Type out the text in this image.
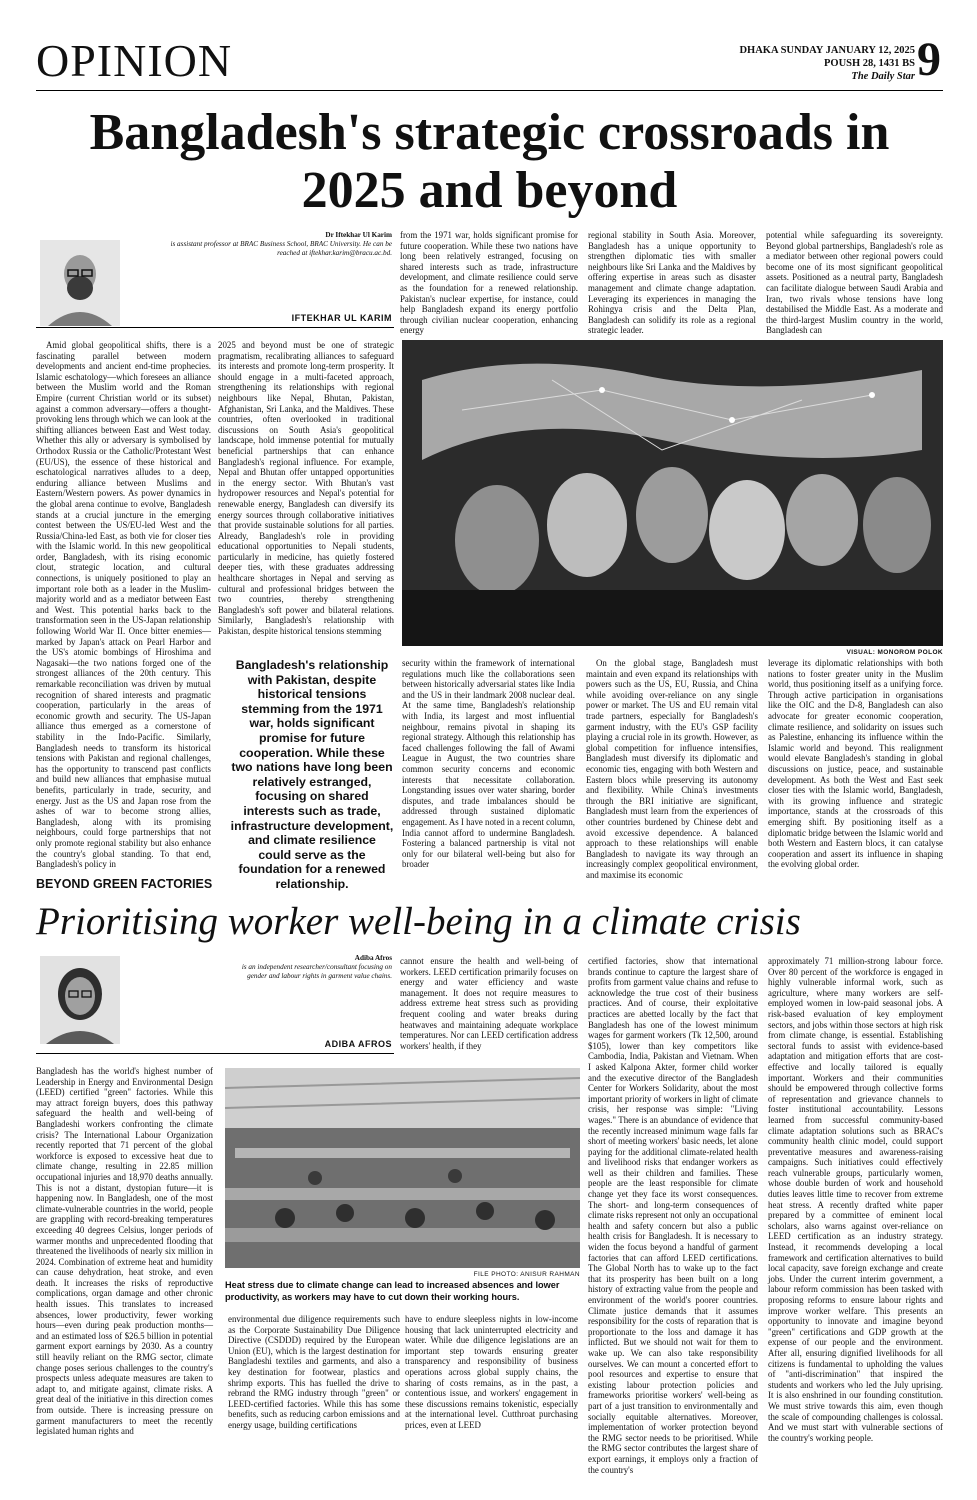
OPINION	DHAKA SUNDAY JANUARY 12, 2025
POUSH 28, 1431 BS
The Daily Star 9
Bangladesh's strategic crossroads in 2025 and beyond
Dr Iftekhar Ul Karim
is assistant professor at BRAC Business School, BRAC University. He can be reached at iftekhar.karim@bracu.ac.bd.
IFTEKHAR UL KARIM

from the 1971 war, holds significant promise for future cooperation. While these two nations have long been relatively estranged, focusing on shared interests such as trade, infrastructure development, and climate resilience could serve as the foundation for a renewed relationship. Pakistan's nuclear expertise, for instance, could help Bangladesh expand its energy portfolio through civilian nuclear cooperation, enhancing energy

regional stability in South Asia. Moreover, Bangladesh has a unique opportunity to strengthen diplomatic ties with smaller neighbours like Sri Lanka and the Maldives by offering expertise in areas such as disaster management and climate change adaptation. Leveraging its experiences in managing the Rohingya crisis and the Delta Plan, Bangladesh can solidify its role as a regional strategic leader.

potential while safeguarding its sovereignty. Beyond global partnerships, Bangladesh's role as a mediator between other regional powers could become one of its most significant geopolitical assets. Positioned as a neutral party, Bangladesh can facilitate dialogue between Saudi Arabia and Iran, two rivals whose tensions have long destabilised the Middle East. As a moderate and the third-largest Muslim country in the world, Bangladesh can

Amid global geopolitical shifts, there is a fascinating parallel between modern developments and ancient end-time prophecies. Islamic eschatology—which foresees an alliance between the Muslim world and the Roman Empire (current Christian world or its subset) against a common adversary—offers a thought-provoking lens through which we can look at the shifting alliances between East and West today. Whether this ally or adversary is symbolised by Orthodox Russia or the Catholic/Protestant West (EU/US), the essence of these historical and eschatological narratives alludes to a deep, enduring alliance between Muslims and Eastern/Western powers. As power dynamics in the global arena continue to evolve, Bangladesh stands at a crucial juncture in the emerging contest between the US/EU-led West and the Russia/China-led East, as both vie for closer ties with the Islamic world. In this new geopolitical order, Bangladesh, with its rising economic clout, strategic location, and cultural connections, is uniquely positioned to play an important role both as a leader in the Muslim-majority world and as a mediator between East and West. This potential harks back to the transformation seen in the US-Japan relationship following World War II. Once bitter enemies—marked by Japan's attack on Pearl Harbor and the US's atomic bombings of Hiroshima and Nagasaki—the two nations forged one of the strongest alliances of the 20th century. This remarkable reconciliation was driven by mutual recognition of shared interests and pragmatic cooperation, particularly in the areas of economic growth and security. The US-Japan alliance thus emerged as a cornerstone of stability in the Indo-Pacific. Similarly, Bangladesh needs to transform its historical tensions with Pakistan and regional challenges, has the opportunity to transcend past conflicts and build new alliances that emphasise mutual benefits, particularly in trade, security, and energy. Just as the US and Japan rose from the ashes of war to become strong allies, Bangladesh, along with its promising neighbours, could forge partnerships that not only promote regional stability but also enhance the country's global standing. To that end, Bangladesh's policy in

2025 and beyond must be one of strategic pragmatism, recalibrating alliances to safeguard its interests and promote long-term prosperity. It should engage in a multi-faceted approach, strengthening its relationships with regional neighbours like Nepal, Bhutan, Pakistan, Afghanistan, Sri Lanka, and the Maldives. These countries, often overlooked in traditional discussions on South Asia's geopolitical landscape, hold immense potential for mutually beneficial partnerships that can enhance Bangladesh's regional influence. For example, Nepal and Bhutan offer untapped opportunities in the energy sector. With Bhutan's vast hydropower resources and Nepal's potential for renewable energy, Bangladesh can diversify its energy sources through collaborative initiatives that provide sustainable solutions for all parties. Already, Bangladesh's role in providing educational opportunities to Nepali students, particularly in medicine, has quietly fostered deeper ties, with these graduates addressing healthcare shortages in Nepal and serving as cultural and professional bridges between the two countries, thereby strengthening Bangladesh's soft power and bilateral relations. Similarly, Bangladesh's relationship with Pakistan, despite historical tensions stemming

VISUAL: MONOROM POLOK
Bangladesh's relationship with Pakistan, despite historical tensions stemming from the 1971 war, holds significant promise for future cooperation. While these two nations have long been relatively estranged, focusing on shared interests such as trade, infrastructure development, and climate resilience could serve as the foundation for a renewed relationship.

security within the framework of international regulations much like the collaborations seen between historically adversarial states like India and the US in their landmark 2008 nuclear deal. At the same time, Bangladesh's relationship with India, its largest and most influential neighbour, remains pivotal in shaping its regional strategy. Although this relationship has faced challenges following the fall of Awami League in August, the two countries share common security concerns and economic interests that necessitate collaboration. Longstanding issues over water sharing, border disputes, and trade imbalances should be addressed through sustained diplomatic engagement. As I have noted in a recent column, India cannot afford to undermine Bangladesh. Fostering a balanced partnership is vital not only for our bilateral well-being but also for broader

On the global stage, Bangladesh must maintain and even expand its relationships with powers such as the US, EU, Russia, and China while avoiding over-reliance on any single power or market. The US and EU remain vital trade partners, especially for Bangladesh's garment industry, with the EU's GSP facility playing a crucial role in its growth. However, as global competition for influence intensifies, Bangladesh must diversify its diplomatic and economic ties, engaging with both Western and Eastern blocs while preserving its autonomy and flexibility. While China's investments through the BRI initiative are significant, Bangladesh must learn from the experiences of other countries burdened by Chinese debt and avoid excessive dependence. A balanced approach to these relationships will enable Bangladesh to navigate its way through an increasingly complex geopolitical environment, and maximise its economic

leverage its diplomatic relationships with both nations to foster greater unity in the Muslim world, thus positioning itself as a unifying force. Through active participation in organisations like the OIC and the D-8, Bangladesh can also advocate for greater economic cooperation, climate resilience, and solidarity on issues such as Palestine, enhancing its influence within the Islamic world and beyond. This realignment would elevate Bangladesh's standing in global discussions on justice, peace, and sustainable development. As both the West and East seek closer ties with the Islamic world, Bangladesh, with its growing influence and strategic importance, stands at the crossroads of this emerging shift. By positioning itself as a diplomatic bridge between the Islamic world and both Western and Eastern blocs, it can catalyse cooperation and assert its influence in shaping the evolving global order.

BEYOND GREEN FACTORIES
Prioritising worker well-being in a climate crisis
Adiba Afros
is an independent researcher/consultant focusing on gender and labour rights in garment value chains.
ADIBA AFROS

cannot ensure the health and well-being of workers. LEED certification primarily focuses on energy and water efficiency and waste management. It does not require measures to address extreme heat stress such as providing frequent cooling and water breaks during heatwaves and maintaining adequate workplace temperatures. Nor can LEED certification address workers' health, if they

certified factories, show that international brands continue to capture the largest share of profits from garment value chains and refuse to acknowledge the true cost of their business practices. And of course, their exploitative practices are abetted locally by the fact that Bangladesh has one of the lowest minimum wages for garment workers (Tk 12,500, around $105), lower than key competitors like Cambodia, India, Pakistan and Vietnam. When I asked Kalpona Akter, former child worker and the executive director of the Bangladesh Center for Workers Solidarity, about the most important priority of workers in light of climate crisis, her response was simple: "Living wages." There is an abundance of evidence that the recently increased minimum wage falls far short of meeting workers' basic needs, let alone paying for the additional climate-related health and livelihood risks that endanger workers as well as their children and families. These people are the least responsible for climate change yet they face its worst consequences. The short- and long-term consequences of climate risks represent not only an occupational health and safety concern but also a public health crisis for Bangladesh. It is necessary to widen the focus beyond a handful of garment factories that can afford LEED certifications. The Global North has to wake up to the fact that its prosperity has been built on a long history of extracting value from the people and environment of the world's poorer countries. Climate justice demands that it assumes responsibility for the costs of reparation that is proportionate to the loss and damage it has inflicted. But we should not wait for them to wake up. We can also take responsibility ourselves. We can mount a concerted effort to pool resources and expertise to ensure that existing labour protection policies and frameworks prioritise workers' well-being as part of a just transition to environmentally and socially equitable alternatives. Moreover, implementation of worker protection beyond the RMG sector needs to be prioritised. While the RMG sector contributes the largest share of export earnings, it employs only a fraction of the country's

approximately 71 million-strong labour force. Over 80 percent of the workforce is engaged in highly vulnerable informal work, such as agriculture, where many workers are self-employed women in low-paid seasonal jobs. A risk-based evaluation of key employment sectors, and jobs within those sectors at high risk from climate change, is essential. Establishing sectoral funds to assist with evidence-based adaptation and mitigation efforts that are cost-effective and locally tailored is equally important. Workers and their communities should be empowered through collective forms of representation and grievance channels to foster institutional accountability. Lessons learned from successful community-based climate adaptation solutions such as BRAC's community health clinic model, could support preventative measures and awareness-raising campaigns. Such initiatives could effectively reach vulnerable groups, particularly women, whose double burden of work and household duties leaves little time to recover from extreme heat stress. A recently drafted white paper prepared by a committee of eminent local scholars, also warns against over-reliance on LEED certification as an industry strategy. Instead, it recommends developing a local framework and certification alternatives to build local capacity, save foreign exchange and create jobs. Under the current interim government, a labour reform commission has been tasked with proposing reforms to ensure labour rights and improve worker welfare. This presents an opportunity to innovate and imagine beyond "green" certifications and GDP growth at the expense of our people and the environment. After all, ensuring dignified livelihoods for all citizens is fundamental to upholding the values of "anti-discrimination" that inspired the students and workers who led the July uprising. It is also enshrined in our founding constitution. We must strive towards this aim, even though the scale of compounding challenges is colossal. And we must start with vulnerable sections of the country's working people.

Bangladesh has the world's highest number of Leadership in Energy and Environmental Design (LEED) certified "green" factories. While this may attract foreign buyers, does this pathway safeguard the health and well-being of Bangladeshi workers confronting the climate crisis? The International Labour Organization recently reported that 71 percent of the global workforce is exposed to excessive heat due to climate change, resulting in 22.85 million occupational injuries and 18,970 deaths annually. This is not a distant, dystopian future—it is happening now. In Bangladesh, one of the most climate-vulnerable countries in the world, people are grappling with record-breaking temperatures exceeding 40 degrees Celsius, longer periods of warmer months and unprecedented flooding that threatened the livelihoods of nearly six million in 2024. Combination of extreme heat and humidity can cause dehydration, heat stroke, and even death. It increases the risks of reproductive complications, organ damage and other chronic health issues. This translates to increased absences, lower productivity, fewer working hours—even during peak production months—and an estimated loss of $26.5 billion in potential garment export earnings by 2030. As a country still heavily reliant on the RMG sector, climate change poses serious challenges to the country's prospects unless adequate measures are taken to adapt to, and mitigate against, climate risks. A great deal of the initiative in this direction comes from outside. There is increasing pressure on garment manufacturers to meet the recently legislated human rights and

FILE PHOTO: ANISUR RAHMAN
Heat stress due to climate change can lead to increased absences and lower productivity, as workers may have to cut down their working hours.

environmental due diligence requirements such as the Corporate Sustainability Due Diligence Directive (CSDDD) required by the European Union (EU), which is the largest destination for Bangladeshi textiles and garments, and also a key destination for footwear, plastics and shrimp exports. This has fuelled the drive to rebrand the RMG industry through "green" or LEED-certified factories. While this has some benefits, such as reducing carbon emissions and energy usage, building certifications

have to endure sleepless nights in low-income housing that lack uninterrupted electricity and water. While due diligence legislations are an important step towards ensuring greater transparency and responsibility of business operations across global supply chains, the sharing of costs remains, as in the past, a contentious issue, and workers' engagement in these discussions remains tokenistic, especially at the international level. Cutthroat purchasing prices, even at LEED
